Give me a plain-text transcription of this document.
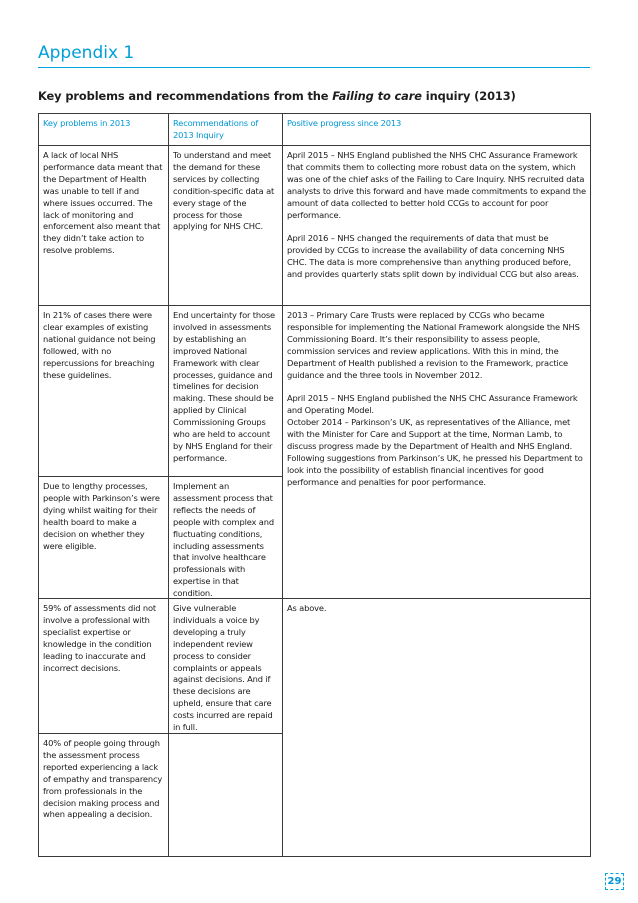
Appendix 1
Key problems and recommendations from the Failing to care inquiry (2013)
Key problems in 2013	Recommendations of 2013 Inquiry
Positive progress since 2013
A lack of local NHS performance data meant that the Department of Health was unable to tell if and where issues occurred. The lack of monitoring and enforcement also meant that they didn’t take action to resolve problems.
To understand and meet the demand for these services by collecting condition-specific data at every stage of the process for those applying for NHS CHC.
April 2015 – NHS England published the NHS CHC Assurance Framework that commits them to collecting more robust data on the system, which was one of the chief asks of the Failing to Care Inquiry. NHS recruited data analysts to drive this forward and have made commitments to expand the amount of data collected to better hold CCGs to account for poor performance.
April 2016 – NHS changed the requirements of data that must be provided by CCGs to increase the availability of data concerning NHS CHC. The data is more comprehensive than anything produced before, and provides quarterly stats split down by individual CCG but also areas.
In 21% of cases there were clear examples of existing national guidance not being followed, with no repercussions for breaching these guidelines.
End uncertainty for those involved in assessments by establishing an improved National Framework with clear processes, guidance and timelines for decision making. These should be applied by Clinical Commissioning Groups who are held to account by NHS England for their performance.
2013 – Primary Care Trusts were replaced by CCGs who became responsible for implementing the National Framework alongside the NHS Commissioning Board. It’s their responsibility to assess people, commission services and review applications. With this in mind, the Department of Health published a revision to the Framework, practice guidance and the three tools in November 2012.
April 2015 – NHS England published the NHS CHC Assurance Framework and Operating Model.
October 2014 – Parkinson’s UK, as representatives of the Alliance, met with the Minister for Care and Support at the time, Norman Lamb, to discuss progress made by the Department of Health and NHS England. Following suggestions from Parkinson’s UK, he pressed his Department to look into the possibility of establish financial incentives for good performance and penalties for poor performance.
Due to lengthy processes, people with Parkinson’s were dying whilst waiting for their health board to make a decision on whether they were eligible.
Implement an assessment process that reflects the needs of people with complex and fluctuating conditions, including assessments that involve healthcare professionals with expertise in that condition.
59% of assessments did not involve a professional with specialist expertise or knowledge in the condition leading to inaccurate and incorrect decisions.
Give vulnerable individuals a voice by developing a truly independent review process to consider complaints or appeals against decisions. And if these decisions are upheld, ensure that care costs incurred are repaid in full.
As above.
40% of people going through the assessment process reported experiencing a lack of empathy and transparency from professionals in the decision making process and when appealing a decision.
29
